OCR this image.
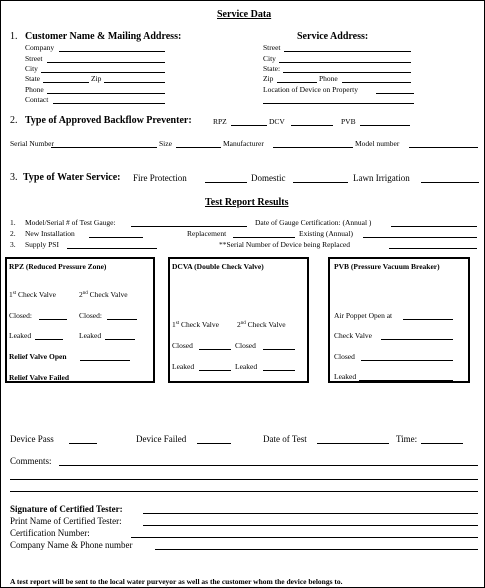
Service Data
1. Customer Name & Mailing Address:
Company
Street
City
State	Zip
Phone
Contact
Service Address:
Street
City
State:
Zip	Phone
Location of Device on Property
2. Type of Approved Backflow Preventer:	RPZ	DCV	PVB
Serial Number	Size	Manufacturer	Model number
3. Type of Water Service: Fire Protection	Domestic	Lawn Irrigation
Test Report Results
1. Model/Serial # of Test Gauge:	Date of Gauge Certification: (Annual )
2. New Installation	Replacement	Existing (Annual)
3. Supply PSI	**Serial Number of Device being Replaced
RPZ (Reduced Pressure Zone)
1st Check Valve	2nd Check Valve
Closed:	Closed:
Leaked	Leaked
Relief Valve Open
Relief Valve Failed
DCVA (Double Check Valve)
1st Check Valve 2nd Check Valve
Closed	Closed
Leaked	Leaked
PVB (Pressure Vacuum Breaker)
Air Poppet Open at
Check Valve
Closed
Leaked
Device Pass	Device Failed	Date of Test	Time:
Comments:
Signature of Certified Tester:
Print Name of Certified Tester:
Certification Number:
Company Name & Phone number
A test report will be sent to the local water purveyor as well as the customer whom the device belongs to.
